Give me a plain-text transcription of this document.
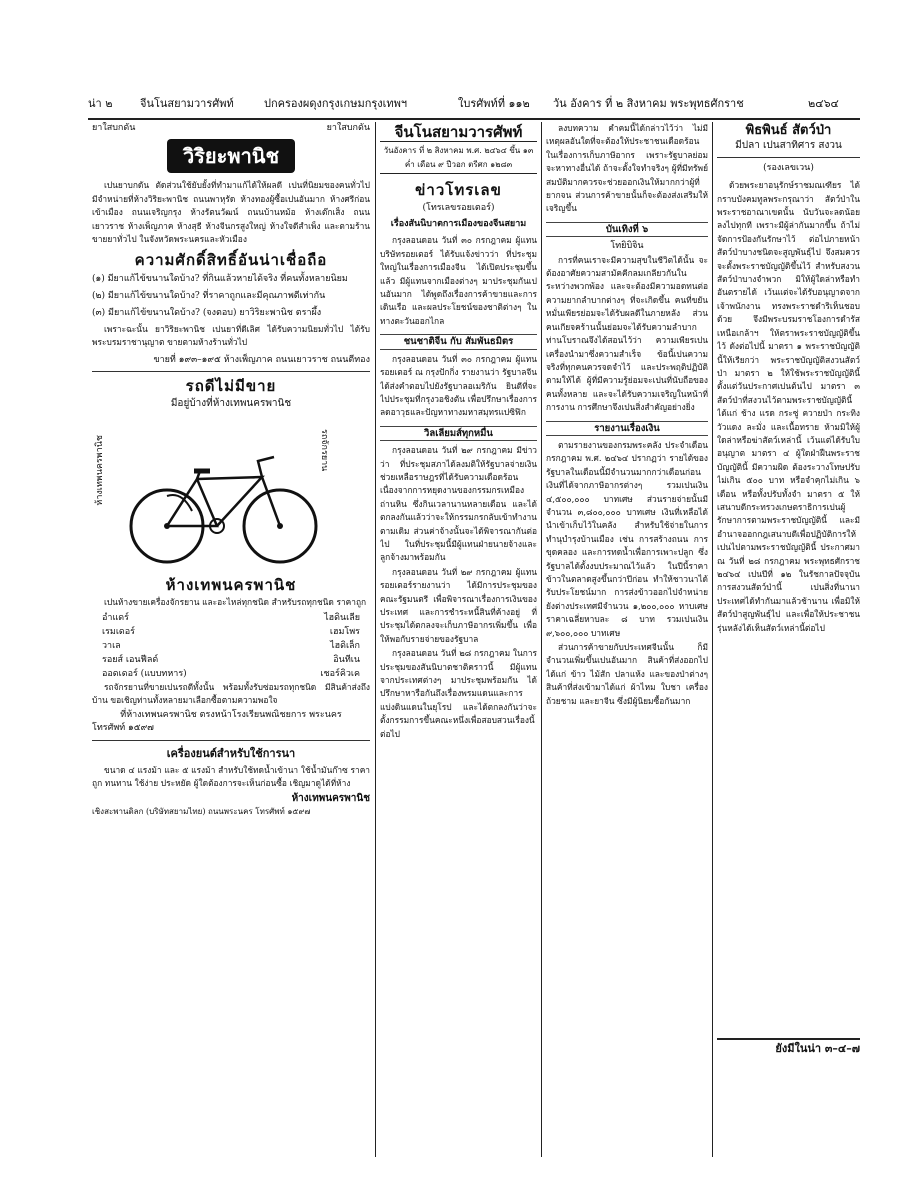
น่า ๒	จีนโนสยามวารศัพท์	ปกครองผดุงกรุงเกษมกรุงเทพฯ	ใบรศัพท์ที่ ๑๑๒ วัน อังคาร ที่ ๒ สิงหาคม พระพุทธศักราช	๒๔๖๔
ยาใสบกดัน	ยาใสบกดัน
วิริยะพานิช

เปนยาบกดัน ตัดส่วนใช้ยับยั้งที่ทำมาแก้ได้ให้ผลดี เปนที่นิยมของคนทั่วไป มีจำหน่ายที่ห้างวิริยะพานิช ถนนพาหุรัด ห้างทองผู้ซื้อเปนอันมาก ห้างศรีก่อนเข้าเมือง ถนนเจริญกรุง ห้างรัตนวัฒน์ ถนนบ้านหม้อ ห้างเต๊กเส็ง ถนนเยาวราช ห้างเพ็ญภาค ห้างสุธี ห้างจีนกรสูงใหญ่ ห้างใจดีสำเพ็ง และตามร้านขายยาทั่วไป ในจังหวัดพระนครและหัวเมือง

ความศักดิ์สิทธิ์อันน่าเชื่อถือ
(๑) มียาแก้ไข้ขนานใดบ้าง? ที่กินแล้วหายได้จริง ที่คนทั้งหลายนิยม
(๒) มียาแก้ไข้ขนานใดบ้าง? ที่ราคาถูกและมีคุณภาพดีเท่ากัน
(๓) มียาแก้ไข้ขนานใดบ้าง? (จงตอบ) ยาวิริยะพานิช ตราผึ้ง

เพราะฉะนั้น ยาวิริยะพานิช เปนยาที่ดีเลิศ ได้รับความนิยมทั่วไป ได้รับพระบรมราชานุญาต ขายตามห้างร้านทั่วไป

ขายที่ ๑๙๓–๑๙๕ ห้างเพ็ญภาค ถนนเยาวราช ถนนตีทอง
รถดีไม่มีขาย
มีอยู่บ้างที่ห้างเทพนครพานิช
ห้างเทพนครพานิช	รถจักรยาน
ห้างเทพนครพานิช

เปนห้างขายเครื่องจักรยาน และอะไหล่ทุกชนิด สำหรับรถทุกชนิด ราคาถูก

อำแดร์	ไฮดินเลีย
เรมเดอร์	เฮมโพร
วาเล	ไฮดิเล็ก
รอยส์ เอนฟีลด์	อินทีเน
ออดเดอร์ (แบบทหาร)	เชอร์คิวเค

รถจักรยานที่ขายเปนรถดีทั้งนั้น พร้อมทั้งรับซ่อมรถทุกชนิด มีสินค้าส่งถึงบ้าน ขอเชิญท่านทั้งหลายมาเลือกซื้อตามความพอใจ

ที่ห้างเทพนครพานิช ตรงหน้าโรงเรียนพณิชยการ พระนคร
โทรศัพท์ ๑๕๙๗
เครื่องยนต์สำหรับใช้การนา

ขนาด ๔ แรงม้า และ ๕ แรงม้า สำหรับใช้ทดน้ำเข้านา ใช้น้ำมันก๊าซ ราคาถูก ทนทาน ใช้ง่าย ประหยัด ผู้ใดต้องการจะเห็นก่อนซื้อ เชิญมาดูได้ที่ห้าง

ห้างเทพนครพานิช
เชิงสะพานดิลก (บริษัทสยามไทย) ถนนพระนคร โทรศัพท์ ๑๕๙๗
จีนโนสยามวารศัพท์
วันอังคาร ที่ ๒ สิงหาคม พ.ศ. ๒๔๖๔ ขึ้น ๑๓ ค่ำ เดือน ๙ ปีวอก ตรีศก ๑๒๘๓
ข่าวโทรเลข
(โทรเลขรอยเตอร์)
เรื่องสันนิบาตการเมืองของจีนสยาม

กรุงลอนดอน วันที่ ๓๐ กรกฎาคม ผู้แทนบริษัทรอยเตอร์ ได้รับแจ้งข่าวว่า ที่ประชุมใหญ่ในเรื่องการเมืองจีน ได้เปิดประชุมขึ้นแล้ว มีผู้แทนจากเมืองต่างๆ มาประชุมกันเปนอันมาก ได้พูดถึงเรื่องการค้าขายและการเดินเรือ และผลประโยชน์ของชาติต่างๆ ในทางตะวันออกไกล

ชนชาติจีน กับ สัมพันธมิตร

กรุงลอนดอน วันที่ ๓๐ กรกฎาคม ผู้แทนรอยเตอร์ ณ กรุงปักกิ่ง รายงานว่า รัฐบาลจีนได้ส่งคำตอบไปยังรัฐบาลอเมริกัน ยินดีที่จะไปประชุมที่กรุงวอชิงตัน เพื่อปรึกษาเรื่องการลดอาวุธและปัญหาทางมหาสมุทรแปซิฟิก

วิลเลียมส์ทุกหมื่น

กรุงลอนดอน วันที่ ๒๙ กรกฎาคม มีข่าวว่า ที่ประชุมสภาได้ลงมติให้รัฐบาลจ่ายเงินช่วยเหลือราษฎรที่ได้รับความเดือดร้อน เนื่องจากการหยุดงานของกรรมกรเหมืองถ่านหิน ซึ่งกินเวลานานหลายเดือน และได้ตกลงกันแล้วว่าจะให้กรรมกรกลับเข้าทำงานตามเดิม ส่วนค่าจ้างนั้นจะได้พิจารณากันต่อไป ในที่ประชุมนี้มีผู้แทนฝ่ายนายจ้างและลูกจ้างมาพร้อมกัน

กรุงลอนดอน วันที่ ๒๙ กรกฎาคม ผู้แทนรอยเตอร์รายงานว่า ได้มีการประชุมของคณะรัฐมนตรี เพื่อพิจารณาเรื่องการเงินของประเทศ และการชำระหนี้สินที่ค้างอยู่ ที่ประชุมได้ตกลงจะเก็บภาษีอากรเพิ่มขึ้น เพื่อให้พอกับรายจ่ายของรัฐบาล

กรุงลอนดอน วันที่ ๒๘ กรกฎาคม ในการประชุมของสันนิบาตชาติคราวนี้ มีผู้แทนจากประเทศต่างๆ มาประชุมพร้อมกัน ได้ปรึกษาหารือกันถึงเรื่องพรมแดนและการแบ่งดินแดนในยุโรป และได้ตกลงกันว่าจะตั้งกรรมการขึ้นคณะหนึ่งเพื่อสอบสวนเรื่องนี้ต่อไป

ลงบทความ คำคมนี้ได้กล่าวไว้ว่า ไม่มีเหตุผลอันใดที่จะต้องให้ประชาชนเดือดร้อน ในเรื่องการเก็บภาษีอากร เพราะรัฐบาลย่อมจะหาทางอื่นได้ ถ้าจะตั้งใจทำจริงๆ ผู้ที่มีทรัพย์สมบัติมากควรจะช่วยออกเงินให้มากกว่าผู้ที่ยากจน ส่วนการค้าขายนั้นก็จะต้องส่งเสริมให้เจริญขึ้น

บันเทิงที่ ๖
โทยิบิจิน

การที่คนเราจะมีความสุขในชีวิตได้นั้น จะต้องอาศัยความสามัคคีกลมเกลียวกันในระหว่างพวกพ้อง และจะต้องมีความอดทนต่อความยากลำบากต่างๆ ที่จะเกิดขึ้น คนที่ขยันหมั่นเพียรย่อมจะได้รับผลดีในภายหลัง ส่วนคนเกียจคร้านนั้นย่อมจะได้รับความลำบาก ท่านโบราณจึงได้สอนไว้ว่า ความเพียรเปนเครื่องนำมาซึ่งความสำเร็จ ข้อนี้เปนความจริงที่ทุกคนควรจดจำไว้ และประพฤติปฏิบัติตามให้ได้ ผู้ที่มีความรู้ย่อมจะเปนที่นับถือของคนทั้งหลาย และจะได้รับความเจริญในหน้าที่การงาน การศึกษาจึงเปนสิ่งสำคัญอย่างยิ่ง

รายงานเรื่องเงิน

ตามรายงานของกรมพระคลัง ประจำเดือน กรกฎาคม พ.ศ. ๒๔๖๔ ปรากฏว่า รายได้ของรัฐบาลในเดือนนี้มีจำนวนมากกว่าเดือนก่อน เงินที่ได้จากภาษีอากรต่างๆ รวมเปนเงิน ๔,๕๐๐,๐๐๐ บาทเศษ ส่วนรายจ่ายนั้นมีจำนวน ๓,๘๐๐,๐๐๐ บาทเศษ เงินที่เหลือได้นำเข้าเก็บไว้ในคลัง สำหรับใช้จ่ายในการทำนุบำรุงบ้านเมือง เช่น การสร้างถนน การขุดคลอง และการทดน้ำเพื่อการเพาะปลูก ซึ่งรัฐบาลได้ตั้งงบประมาณไว้แล้ว ในปีนี้ราคาข้าวในตลาดสูงขึ้นกว่าปีก่อน ทำให้ชาวนาได้รับประโยชน์มาก การส่งข้าวออกไปจำหน่ายยังต่างประเทศมีจำนวน ๑,๒๐๐,๐๐๐ หาบเศษ ราคาเฉลี่ยหาบละ ๘ บาท รวมเปนเงิน ๙,๖๐๐,๐๐๐ บาทเศษ

ส่วนการค้าขายกับประเทศจีนนั้น ก็มีจำนวนเพิ่มขึ้นเปนอันมาก สินค้าที่ส่งออกไปได้แก่ ข้าว ไม้สัก ปลาแห้ง และของป่าต่างๆ สินค้าที่ส่งเข้ามาได้แก่ ผ้าไหม ใบชา เครื่องถ้วยชาม และยาจีน ซึ่งมีผู้นิยมซื้อกันมาก

พิธพินธ์ สัตว์ป่า
มีปลา เปนสาทิศาร สงวน
(รองเลขเวน)

ด้วยพระยาอนุรักษ์ราชมณเฑียร ได้กราบบังคมทูลพระกรุณาว่า สัตว์ป่าในพระราชอาณาเขตนั้น นับวันจะลดน้อยลงไปทุกที เพราะมีผู้ล่ากันมากขึ้น ถ้าไม่จัดการป้องกันรักษาไว้ ต่อไปภายหน้าสัตว์ป่าบางชนิดจะสูญพันธุ์ไป จึงสมควรจะตั้งพระราชบัญญัติขึ้นไว้ สำหรับสงวนสัตว์ป่าบางจำพวก มิให้ผู้ใดล่าหรือทำอันตรายได้ เว้นแต่จะได้รับอนุญาตจากเจ้าพนักงาน ทรงพระราชดำริเห็นชอบด้วย จึงมีพระบรมราชโองการดำรัสเหนือเกล้าฯ ให้ตราพระราชบัญญัติขึ้นไว้ ดังต่อไปนี้ มาตรา ๑ พระราชบัญญัตินี้ให้เรียกว่า พระราชบัญญัติสงวนสัตว์ป่า มาตรา ๒ ให้ใช้พระราชบัญญัตินี้ตั้งแต่วันประกาศเปนต้นไป มาตรา ๓ สัตว์ป่าที่สงวนไว้ตามพระราชบัญญัตินี้ ได้แก่ ช้าง แรด กระซู่ ควายป่า กระทิง วัวแดง ละมั่ง และเนื้อทราย ห้ามมิให้ผู้ใดล่าหรือฆ่าสัตว์เหล่านี้ เว้นแต่ได้รับใบอนุญาต มาตรา ๔ ผู้ใดฝ่าฝืนพระราชบัญญัตินี้ มีความผิด ต้องระวางโทษปรับไม่เกิน ๕๐๐ บาท หรือจำคุกไม่เกิน ๖ เดือน หรือทั้งปรับทั้งจำ มาตรา ๕ ให้เสนาบดีกระทรวงเกษตราธิการเปนผู้รักษาการตามพระราชบัญญัตินี้ และมีอำนาจออกกฎเสนาบดีเพื่อปฏิบัติการให้เปนไปตามพระราชบัญญัตินี้ ประกาศมา ณ วันที่ ๒๘ กรกฎาคม พระพุทธศักราช ๒๔๖๔ เปนปีที่ ๑๒ ในรัชกาลปัจจุบัน การสงวนสัตว์ป่านี้ เปนสิ่งที่นานาประเทศได้ทำกันมาแล้วช้านาน เพื่อมิให้สัตว์ป่าสูญพันธุ์ไป และเพื่อให้ประชาชนรุ่นหลังได้เห็นสัตว์เหล่านี้ต่อไป

ยังมีในน่า ๓–๔–๗
